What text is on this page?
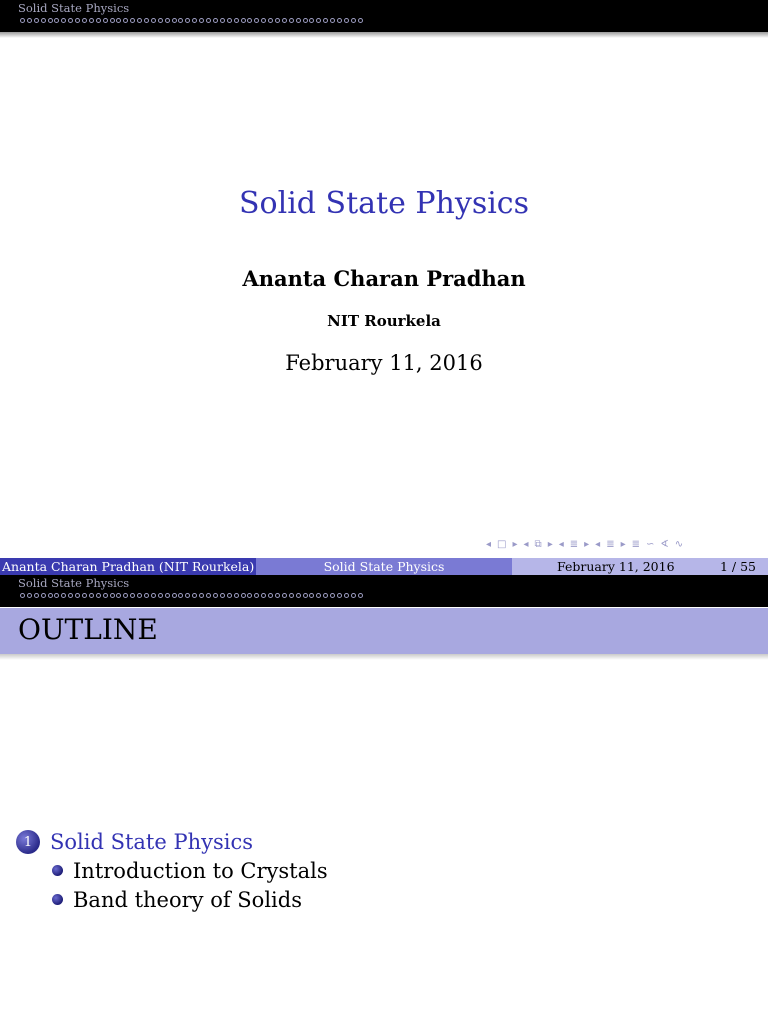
Solid State Physics
Solid State Physics
Ananta Charan Pradhan
NIT Rourkela
February 11, 2016
◂ □ ▸ ◂ ⧉ ▸ ◂ ≣ ▸ ◂ ≣ ▸ ≣ ∽ ∢ ∿
Ananta Charan Pradhan (NIT Rourkela)	Solid State Physics	February 11, 2016	1 / 55
Solid State Physics
OUTLINE
1 Solid State Physics
Introduction to Crystals
Band theory of Solids
